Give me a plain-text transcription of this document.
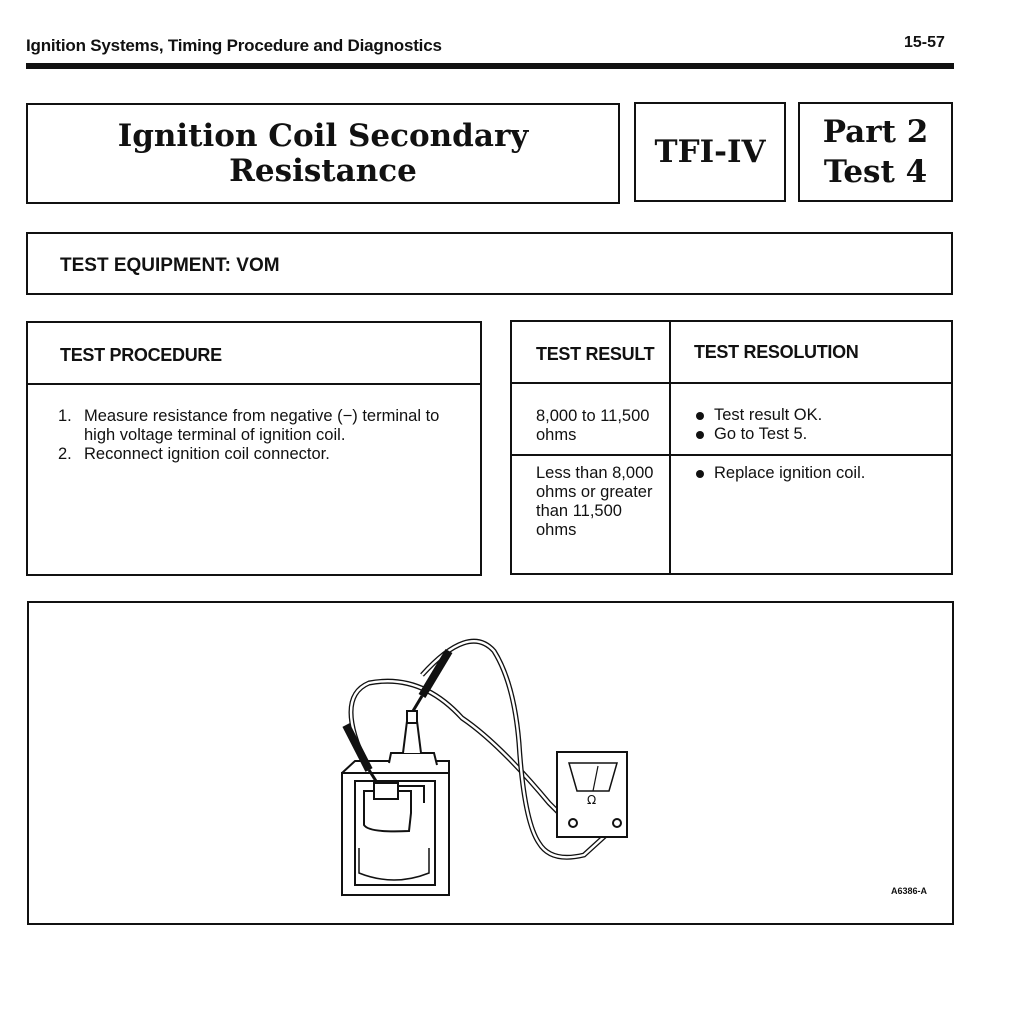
Ignition Systems, Timing Procedure and Diagnostics	15-57
Ignition Coil Secondary
Resistance
TFI-IV
Part 2
Test 4
TEST EQUIPMENT: VOM
TEST PROCEDURE
1. Measure resistance from negative (−) terminal to high voltage terminal of ignition coil.
2. Reconnect ignition coil connector.
TEST RESULT TEST RESOLUTION
8,000 to 11,500 ohms
Test result OK.
Go to Test 5.
Less than 8,000 ohms or greater than 11,500 ohms
Replace ignition coil.
Ω
A6386-A
